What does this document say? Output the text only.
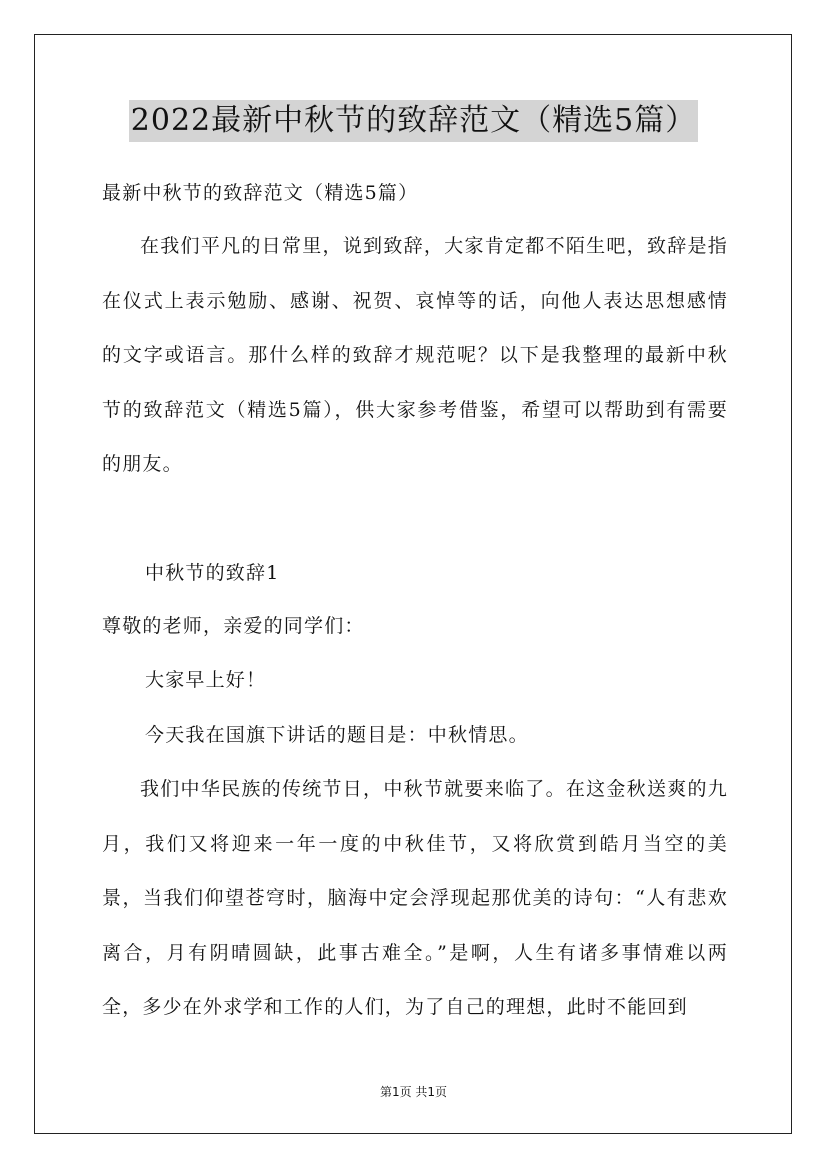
2022最新中秋节的致辞范文（精选5篇）
最新中秋节的致辞范文（精选5篇）

在我们平凡的日常里，说到致辞，大家肯定都不陌生吧，致辞是指在仪式上表示勉励、感谢、祝贺、哀悼等的话，向他人表达思想感情的文字或语言。那什么样的致辞才规范呢？以下是我整理的最新中秋节的致辞范文（精选5篇），供大家参考借鉴，希望可以帮助到有需要的朋友。

中秋节的致辞1
尊敬的老师，亲爱的同学们：
大家早上好！
今天我在国旗下讲话的题目是：中秋情思。

我们中华民族的传统节日，中秋节就要来临了。在这金秋送爽的九月，我们又将迎来一年一度的中秋佳节，又将欣赏到皓月当空的美景，当我们仰望苍穹时，脑海中定会浮现起那优美的诗句：“人有悲欢离合，月有阴晴圆缺，此事古难全。”是啊，人生有诸多事情难以两全，多少在外求学和工作的人们，为了自己的理想，此时不能回到

第1页 共1页
